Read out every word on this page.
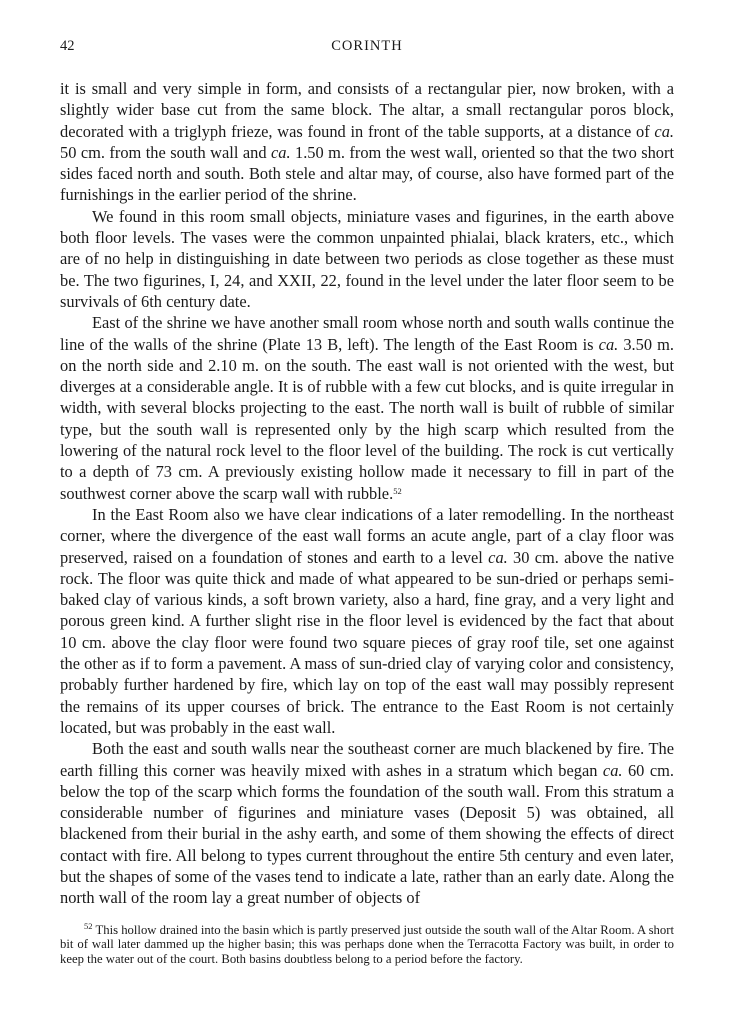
42	CORINTH

it is small and very simple in form, and consists of a rectangular pier, now broken, with a slightly wider base cut from the same block. The altar, a small rectangular poros block, decorated with a triglyph frieze, was found in front of the table supports, at a distance of ca. 50 cm. from the south wall and ca. 1.50 m. from the west wall, oriented so that the two short sides faced north and south. Both stele and altar may, of course, also have formed part of the furnishings in the earlier period of the shrine.

We found in this room small objects, miniature vases and figurines, in the earth above both floor levels. The vases were the common unpainted phialai, black kraters, etc., which are of no help in distinguishing in date between two periods as close together as these must be. The two figurines, I, 24, and XXII, 22, found in the level under the later floor seem to be survivals of 6th century date.

East of the shrine we have another small room whose north and south walls continue the line of the walls of the shrine (Plate 13 B, left). The length of the East Room is ca. 3.50 m. on the north side and 2.10 m. on the south. The east wall is not oriented with the west, but diverges at a considerable angle. It is of rubble with a few cut blocks, and is quite irregular in width, with several blocks projecting to the east. The north wall is built of rubble of similar type, but the south wall is represented only by the high scarp which resulted from the lowering of the natural rock level to the floor level of the building. The rock is cut vertically to a depth of 73 cm. A previously existing hollow made it necessary to fill in part of the southwest corner above the scarp wall with rubble.$^{52}$

In the East Room also we have clear indications of a later remodelling. In the northeast corner, where the divergence of the east wall forms an acute angle, part of a clay floor was preserved, raised on a foundation of stones and earth to a level ca. 30 cm. above the native rock. The floor was quite thick and made of what appeared to be sun-dried or perhaps semi-baked clay of various kinds, a soft brown variety, also a hard, fine gray, and a very light and porous green kind. A further slight rise in the floor level is evidenced by the fact that about 10 cm. above the clay floor were found two square pieces of gray roof tile, set one against the other as if to form a pavement. A mass of sun-dried clay of varying color and consistency, probably further hardened by fire, which lay on top of the east wall may possibly represent the remains of its upper courses of brick. The entrance to the East Room is not certainly located, but was probably in the east wall.

Both the east and south walls near the southeast corner are much blackened by fire. The earth filling this corner was heavily mixed with ashes in a stratum which began ca. 60 cm. below the top of the scarp which forms the foundation of the south wall. From this stratum a considerable number of figurines and miniature vases (Deposit 5) was obtained, all blackened from their burial in the ashy earth, and some of them showing the effects of direct contact with fire. All belong to types current throughout the entire 5th century and even later, but the shapes of some of the vases tend to indicate a late, rather than an early date. Along the north wall of the room lay a great number of objects of

$^{52}$ This hollow drained into the basin which is partly preserved just outside the south wall of the Altar Room. A short bit of wall later dammed up the higher basin; this was perhaps done when the Terracotta Factory was built, in order to keep the water out of the court. Both basins doubtless belong to a period before the factory.
